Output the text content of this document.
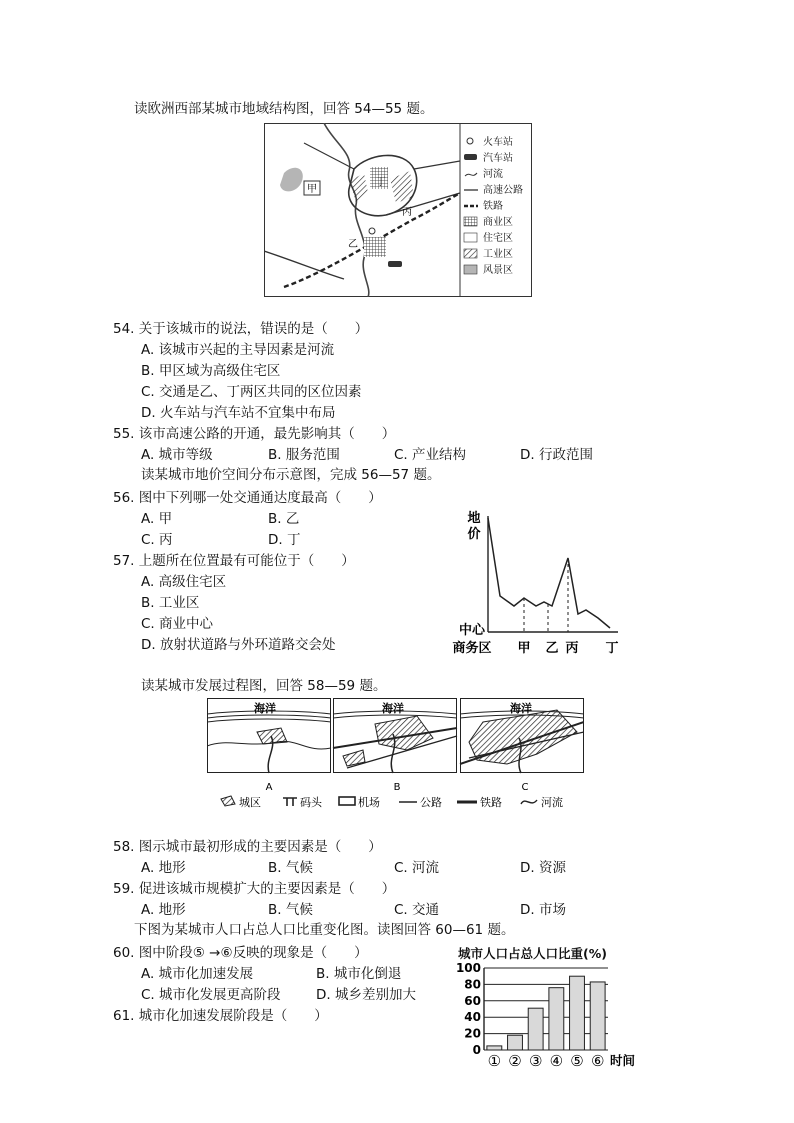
读欧洲西部某城市地域结构图，回答 54—55 题。
甲
丁
丙
乙
火车站
汽车站
河流
高速公路
铁路
商业区
住宅区
工业区
风景区
54. 关于该城市的说法，错误的是（　　）
A. 该城市兴起的主导因素是河流
B. 甲区域为高级住宅区
C. 交通是乙、丁两区共同的区位因素
D. 火车站与汽车站不宜集中布局
55. 该市高速公路的开通，最先影响其（　　）
A. 城市等级	B. 服务范围	C. 产业结构	D. 行政范围
读某城市地价空间分布示意图，完成 56—57 题。
56. 图中下列哪一处交通通达度最高（　　）
A. 甲	B. 乙
C. 丙	D. 丁
57. 上题所在位置最有可能位于（　　）
A. 高级住宅区
B. 工业区
C. 商业中心
D. 放射状道路与外环道路交会处
地
价
中心
商务区 甲 乙 丙 丁
读某城市发展过程图，回答 58—59 题。
海洋	海洋	海洋
A	B	C
城区	码头	机场	公路	铁路	河流
58. 图示城市最初形成的主要因素是（　　）
A. 地形	B. 气候	C. 河流	D. 资源
59. 促进该城市规模扩大的主要因素是（　　）
A. 地形	B. 气候	C. 交通	D. 市场
下图为某城市人口占总人口比重变化图。读图回答 60—61 题。
60. 图中阶段⑤ →⑥反映的现象是（　　）
A. 城市化加速发展	B. 城市化倒退
C. 城市化发展更高阶段	D. 城乡差别加大
61. 城市化加速发展阶段是（　　）
城市人口占总人口比重(%)
0
20
40
60
80
100
① ② ③ ④ ⑤ ⑥ 时间
